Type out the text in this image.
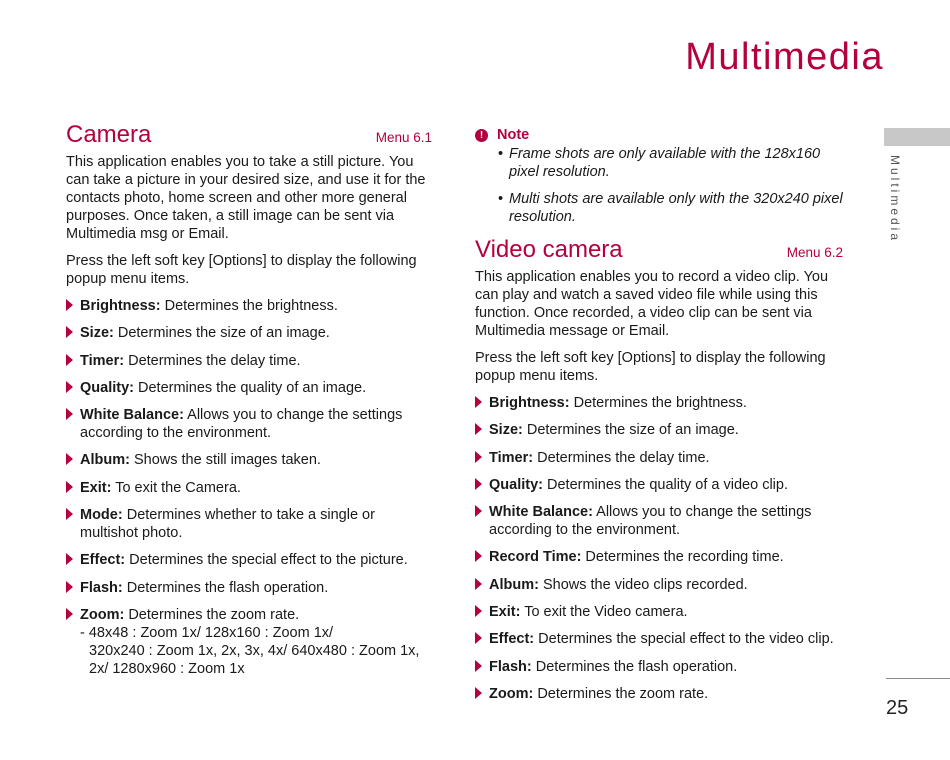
Multimedia
Multimedia
25
Camera	Menu 6.1

This application enables you to take a still picture. You can take a picture in your desired size, and use it for the contacts photo, home screen and other more general purposes. Once taken, a still image can be sent via Multimedia msg or Email.

Press the left soft key [Options] to display the following popup menu items.

Brightness: Determines the brightness.
Size: Determines the size of an image.
Timer: Determines the delay time.
Quality: Determines the quality of an image.
White Balance: Allows you to change the settings according to the environment.
Album: Shows the still images taken.
Exit: To exit the Camera.
Mode: Determines whether to take a single or multishot photo.
Effect: Determines the special effect to the picture.
Flash: Determines the flash operation.
Zoom: Determines the zoom rate.
- 48x48 : Zoom 1x/ 128x160 : Zoom 1x/
320x240 : Zoom 1x, 2x, 3x, 4x/ 640x480 : Zoom 1x, 2x/ 1280x960 : Zoom 1x
! Note
• Frame shots are only available with the 128x160 pixel resolution.
• Multi shots are available only with the 320x240 pixel resolution.
Video camera	Menu 6.2

This application enables you to record a video clip. You can play and watch a saved video file while using this function. Once recorded, a video clip can be sent via Multimedia message or Email.

Press the left soft key [Options] to display the following popup menu items.

Brightness: Determines the brightness.
Size: Determines the size of an image.
Timer: Determines the delay time.
Quality: Determines the quality of a video clip.
White Balance: Allows you to change the settings according to the environment.
Record Time: Determines the recording time.
Album: Shows the video clips recorded.
Exit: To exit the Video camera.
Effect: Determines the special effect to the video clip.
Flash: Determines the flash operation.
Zoom: Determines the zoom rate.
